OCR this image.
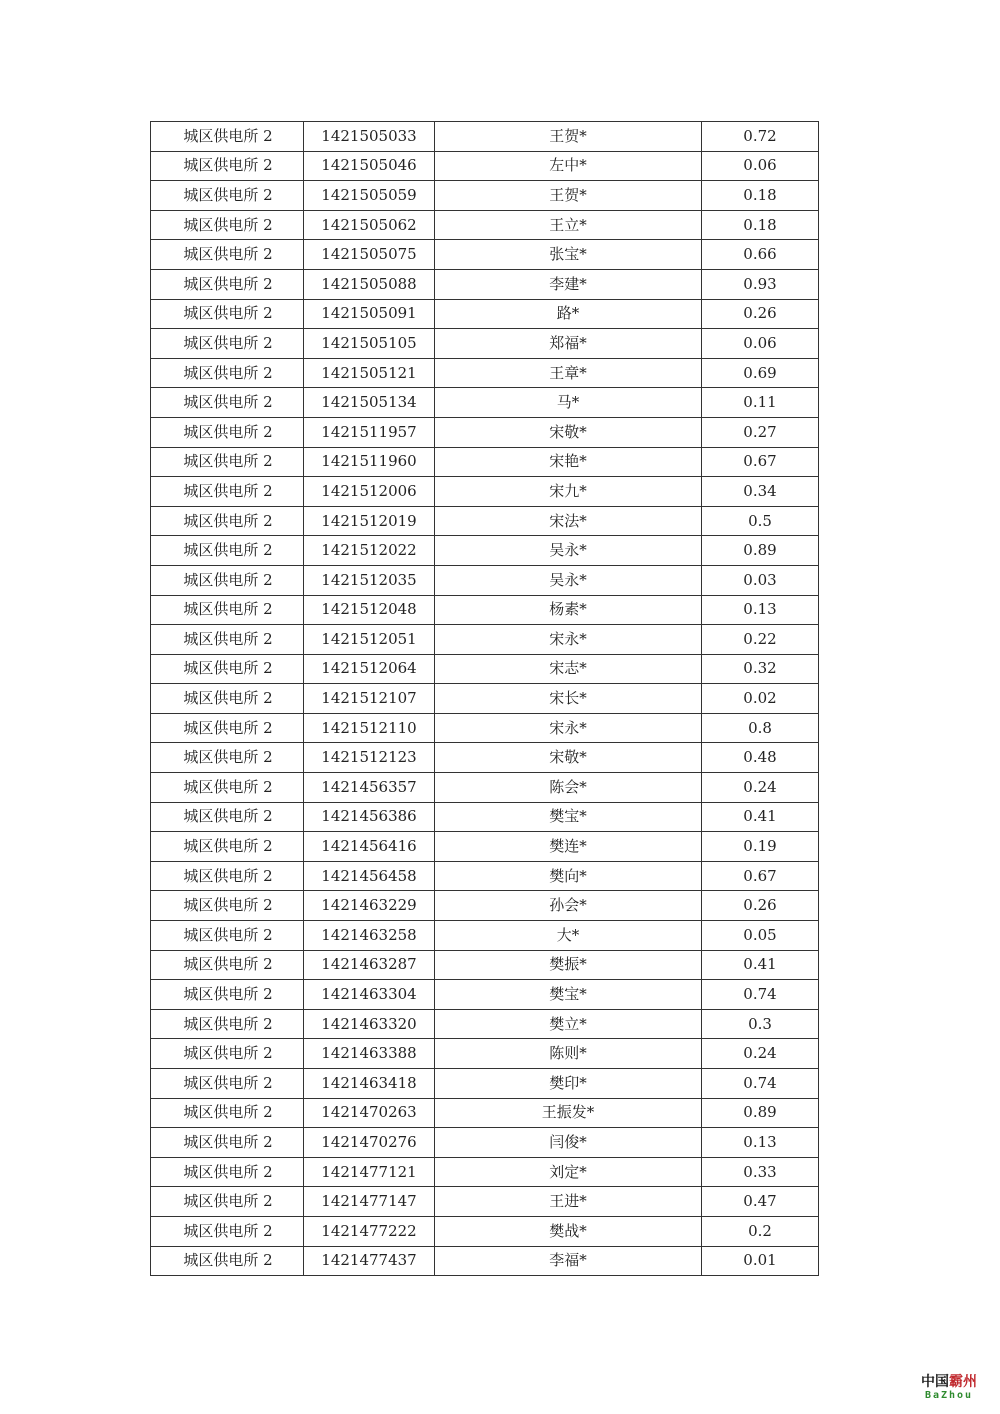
城区供电所 2	1421505033	王贺*	0.72
城区供电所 2	1421505046	左中*	0.06
城区供电所 2	1421505059	王贺*	0.18
城区供电所 2	1421505062	王立*	0.18
城区供电所 2	1421505075	张宝*	0.66
城区供电所 2	1421505088	李建*	0.93
城区供电所 2	1421505091	路*	0.26
城区供电所 2	1421505105	郑福*	0.06
城区供电所 2	1421505121	王章*	0.69
城区供电所 2	1421505134	马*	0.11
城区供电所 2	1421511957	宋敬*	0.27
城区供电所 2	1421511960	宋艳*	0.67
城区供电所 2	1421512006	宋九*	0.34
城区供电所 2	1421512019	宋法*	0.5
城区供电所 2	1421512022	吴永*	0.89
城区供电所 2	1421512035	吴永*	0.03
城区供电所 2	1421512048	杨素*	0.13
城区供电所 2	1421512051	宋永*	0.22
城区供电所 2	1421512064	宋志*	0.32
城区供电所 2	1421512107	宋长*	0.02
城区供电所 2	1421512110	宋永*	0.8
城区供电所 2	1421512123	宋敬*	0.48
城区供电所 2	1421456357	陈会*	0.24
城区供电所 2	1421456386	樊宝*	0.41
城区供电所 2	1421456416	樊连*	0.19
城区供电所 2	1421456458	樊向*	0.67
城区供电所 2	1421463229	孙会*	0.26
城区供电所 2	1421463258	大*	0.05
城区供电所 2	1421463287	樊振*	0.41
城区供电所 2	1421463304	樊宝*	0.74
城区供电所 2	1421463320	樊立*	0.3
城区供电所 2	1421463388	陈则*	0.24
城区供电所 2	1421463418	樊印*	0.74
城区供电所 2	1421470263	王振发*	0.89
城区供电所 2	1421470276	闫俊*	0.13
城区供电所 2	1421477121	刘定*	0.33
城区供电所 2	1421477147	王进*	0.47
城区供电所 2	1421477222	樊战*	0.2
城区供电所 2	1421477437	李福*	0.01
中国霸州
BaZhou
